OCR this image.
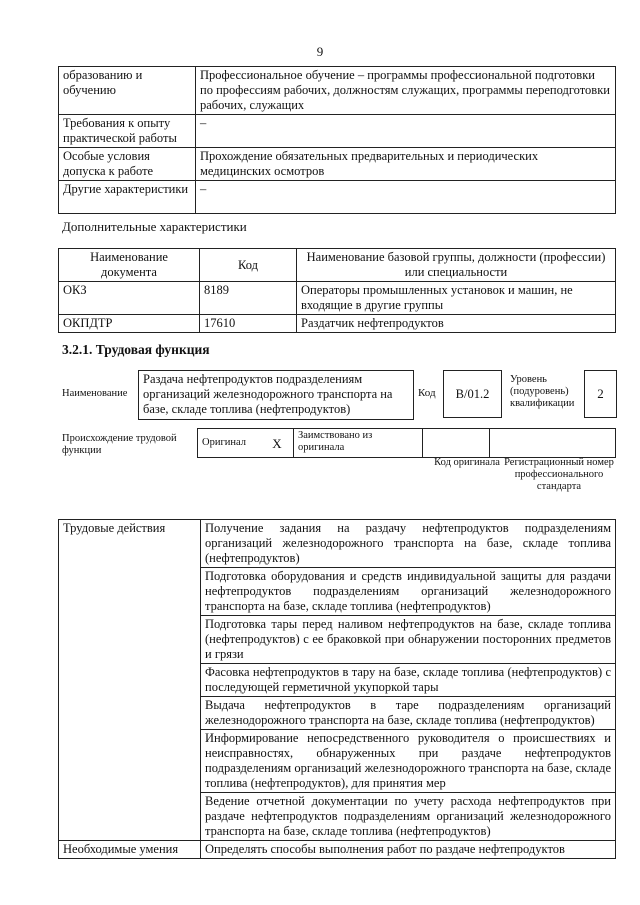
9
образованию и обучению	Профессиональное обучение – программы профессиональной подготовки по профессиям рабочих, должностям служащих, программы переподготовки рабочих, служащих
Требования к опыту практической работы	–
Особые условия допуска к работе	Прохождение обязательных предварительных и периодических медицинских осмотров
Другие характеристики	–
Дополнительные характеристики
Наименование документа	Код	Наименование базовой группы, должности (профессии) или специальности
ОКЗ	8189	Операторы промышленных установок и машин, не входящие в другие группы
ОКПДТР	17610	Раздатчик нефтепродуктов
3.2.1. Трудовая функция
Наименование
Раздача нефтепродуктов подразделениям организаций железнодорожного транспорта на базе, складе топлива (нефтепродуктов)
Код	B/01.2
Уровень (подуровень) квалификации
2
Происхождение трудовой функции
Оригинал	X	Заимствовано из оригинала		
Код оригинала Регистрационный номер профессионального стандарта
Трудовые действия	Получение задания на раздачу нефтепродуктов подразделениям организаций железнодорожного транспорта на базе, складе топлива (нефтепродуктов)
	Подготовка оборудования и средств индивидуальной защиты для раздачи нефтепродуктов подразделениям организаций железнодорожного транспорта на базе, складе топлива (нефтепродуктов)
	Подготовка тары перед наливом нефтепродуктов на базе, складе топлива (нефтепродуктов) с ее браковкой при обнаружении посторонних предметов и грязи
	Фасовка нефтепродуктов в тару на базе, складе топлива (нефтепродуктов) с последующей герметичной укупоркой тары
	Выдача нефтепродуктов в таре подразделениям организаций железнодорожного транспорта на базе, складе топлива (нефтепродуктов)
	Информирование непосредственного руководителя о происшествиях и неисправностях, обнаруженных при раздаче нефтепродуктов подразделениям организаций железнодорожного транспорта на базе, складе топлива (нефтепродуктов), для принятия мер
	Ведение отчетной документации по учету расхода нефтепродуктов при раздаче нефтепродуктов подразделениям организаций железнодорожного транспорта на базе, складе топлива (нефтепродуктов)
Необходимые умения	Определять способы выполнения работ по раздаче нефтепродуктов
